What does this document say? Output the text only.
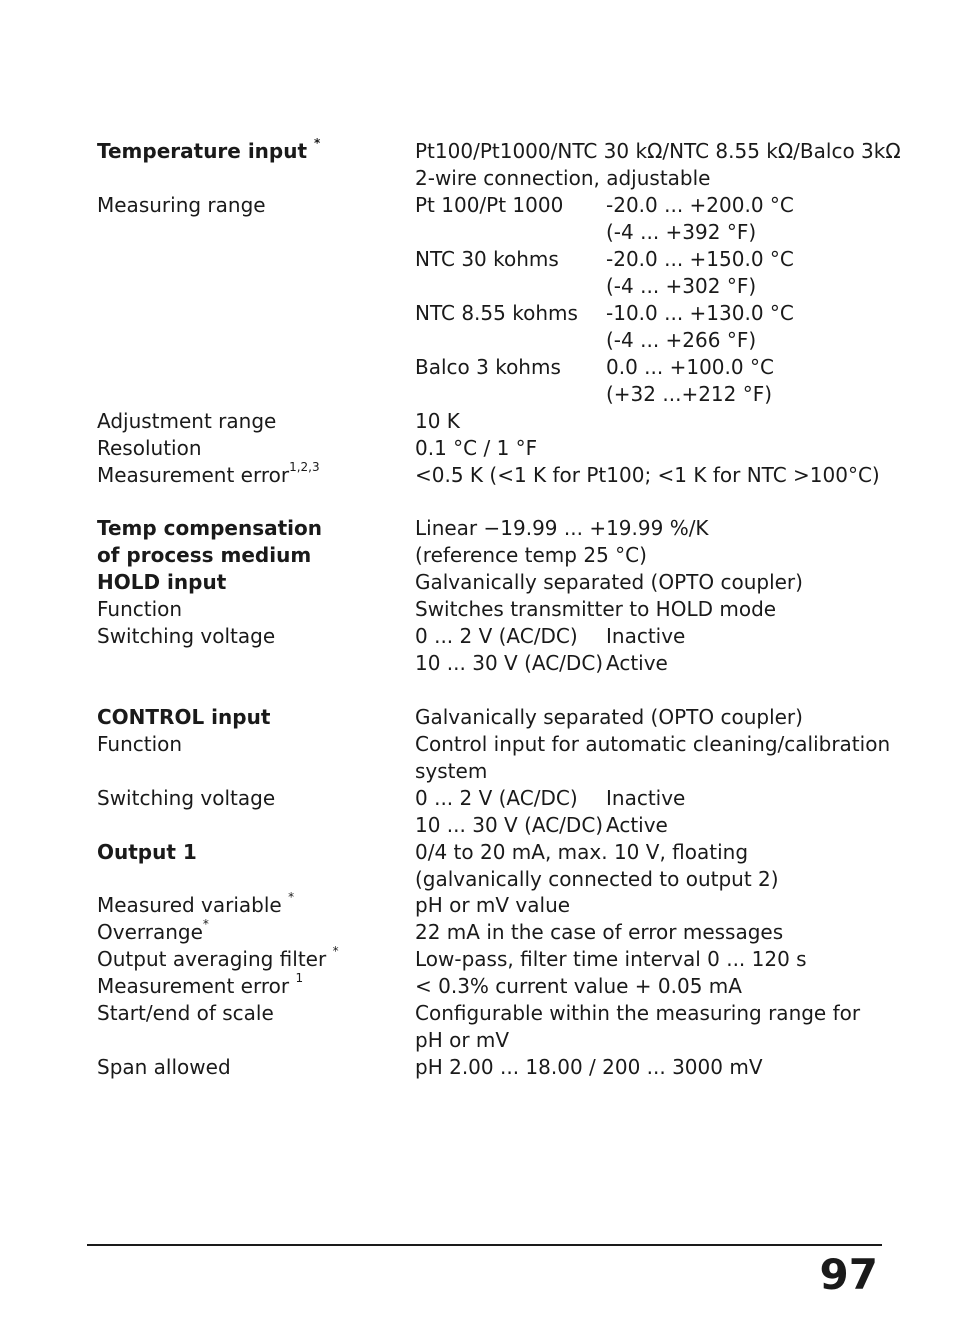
Temperature input *	Pt100/Pt1000/NTC 30 kΩ/NTC 8.55 kΩ/Balco 3kΩ
2-wire connection, adjustable
Measuring range	Pt 100/Pt 1000 -20.0 ... +200.0 °C
(-4 ... +392 °F)
NTC 30 kohms -20.0 ... +150.0 °C
(-4 ... +302 °F)
NTC 8.55 kohms -10.0 ... +130.0 °C
(-4 ... +266 °F)
Balco 3 kohms 0.0 ... +100.0 °C
(+32 ...+212 °F)
Adjustment range	10 K
Resolution	0.1 °C / 1 °F
Measurement error$^{1,2,3}$	<0.5 K (<1 K for Pt100; <1 K for NTC >100°C)
Temp compensation	Linear −19.99 ... +19.99 %/K
of process medium	(reference temp 25 °C)
HOLD input	Galvanically separated (OPTO coupler)
Function	Switches transmitter to HOLD mode
Switching voltage	0 ... 2 V (AC/DC) Inactive
10 ... 30 V (AC/DC) Active
CONTROL input	Galvanically separated (OPTO coupler)
Function	Control input for automatic cleaning/calibration
system
Switching voltage	0 ... 2 V (AC/DC) Inactive
10 ... 30 V (AC/DC) Active
Output 1	0/4 to 20 mA, max. 10 V, floating
(galvanically connected to output 2)
Measured variable *	pH or mV value
Overrange*	22 mA in the case of error messages
Output averaging filter *	Low-pass, filter time interval 0 ... 120 s
Measurement error $^1$	< 0.3% current value + 0.05 mA
Start/end of scale	Configurable within the measuring range for
pH or mV
Span allowed	pH 2.00 ... 18.00 / 200 ... 3000 mV
97
